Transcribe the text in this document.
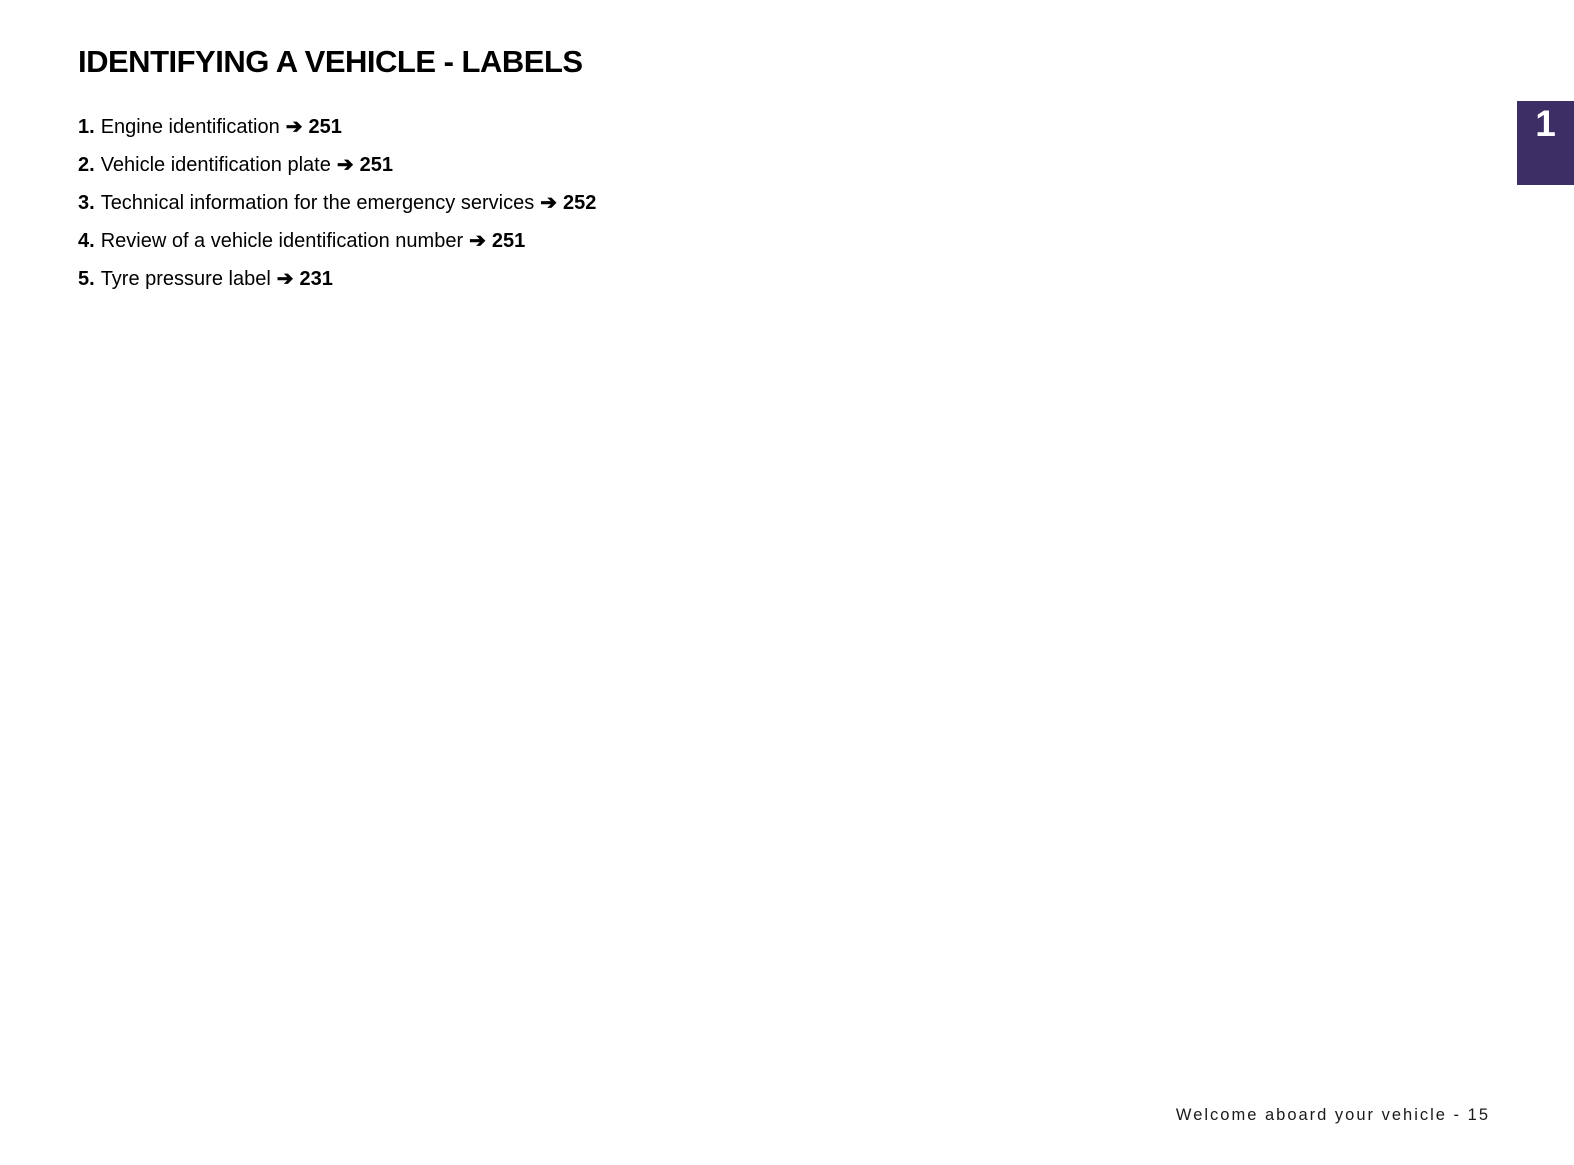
IDENTIFYING A VEHICLE - LABELS
1. Engine identification ➔ 251
2. Vehicle identification plate ➔ 251
3. Technical information for the emergency services ➔ 252
4. Review of a vehicle identification number ➔ 251
5. Tyre pressure label ➔ 231
1
Welcome aboard your vehicle - 15
